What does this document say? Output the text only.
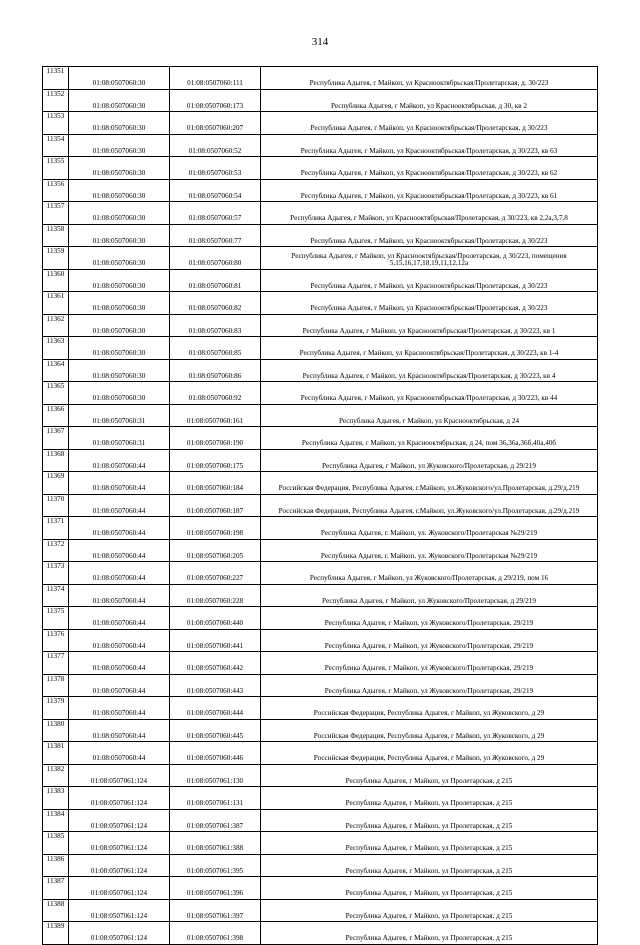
314
11351	01:08:0507060:30	01:08:0507060:111	Республика Адыгея, г Майкоп, ул Краснооктябрьская/Пролетарская, д. 30/223
11352	01:08:0507060:30	01:08:0507060:173	Республика Адыгея, г Майкоп, ул Краснооктябрьская, д 30, кв 2
11353	01:08:0507060:30	01:08:0507060:207	Республика Адыгея, г Майкоп, ул Краснооктябрьская/Пролетарская, д 30/223
11354	01:08:0507060:30	01:08:0507060:52	Республика Адыгея, г Майкоп, ул Краснооктябрьская/Пролетарская, д 30/223, кв 63
11355	01:08:0507060:30	01:08:0507060:53	Республика Адыгея, г Майкоп, ул Краснооктябрьская/Пролетарская, д 30/223, кв 62
11356	01:08:0507060:30	01:08:0507060:54	Республика Адыгея, г Майкоп, ул Краснооктябрьская/Пролетарская, д 30/223, кв 61
11357	01:08:0507060:30	01:08:0507060:57	Республика Адыгея, г Майкоп, ул Краснооктябрьская/Пролетарская, д 30/223, кв 2,2а,3,7,8
11358	01:08:0507060:30	01:08:0507060:77	Республика Адыгея, г Майкоп, ул Краснооктябрьская/Пролетарская, д 30/223
11359	01:08:0507060:30	01:08:0507060:80	Республика Адыгея, г Майкоп, ул Краснооктябрьская/Пролетарская, д 30/223, помещения 5,15,16,17,18,19,11,12,12а
11360	01:08:0507060:30	01:08:0507060:81	Республика Адыгея, г Майкоп, ул Краснооктябрьская/Пролетарская, д 30/223
11361	01:08:0507060:30	01:08:0507060:82	Республика Адыгея, г Майкоп, ул Краснооктябрьская/Пролетарская, д 30/223
11362	01:08:0507060:30	01:08:0507060:83	Республика Адыгея, г Майкоп, ул Краснооктябрьская/Пролетарская, д 30/223, кв 1
11363	01:08:0507060:30	01:08:0507060:85	Республика Адыгея, г Майкоп, ул Краснооктябрьская/Пролетарская, д 30/223, кв 1-4
11364	01:08:0507060:30	01:08:0507060:86	Республика Адыгея, г Майкоп, ул Краснооктябрьская/Пролетарская, д 30/223, кв 4
11365	01:08:0507060:30	01:08:0507060:92	Республика Адыгея, г Майкоп, ул Краснооктябрьская/Пролетарская, д 30/223, кв 44
11366	01:08:0507060:31	01:08:0507060:161	Республика Адыгея, г Майкоп, ул Краснооктябрьская, д 24
11367	01:08:0507060:31	01:08:0507060:190	Республика Адыгея, г Майкоп, ул Краснооктябрьская, д 24, пом 36,36а,36б,40а,40б
11368	01:08:0507060:44	01:08:0507060:175	Республика Адыгея, г Майкоп, ул Жуковского/Пролетарская, д 29/219
11369	01:08:0507060:44	01:08:0507060:184	Российская Федерация, Республика Адыгея, г.Майкоп, ул.Жуковского/ул.Пролетарская, д.29/д.219
11370	01:08:0507060:44	01:08:0507060:187	Российская Федерация, Республика Адыгея, г.Майкоп, ул.Жуковского/ул.Пролетарская, д.29/д.219
11371	01:08:0507060:44	01:08:0507060:198	Республика Адыгея, г. Майкоп, ул. Жуковского/Пролетарская №29/219
11372	01:08:0507060:44	01:08:0507060:205	Республика Адыгея, г. Майкоп, ул. Жуковского/Пролетарская №29/219
11373	01:08:0507060:44	01:08:0507060:227	Республика Адыгея, г Майкоп, ул Жуковского/Пролетарская, д 29/219, пом 16
11374	01:08:0507060:44	01:08:0507060:228	Республика Адыгея, г Майкоп, ул Жуковского/Пролетарская, д 29/219
11375	01:08:0507060:44	01:08:0507060:440	Республика Адыгея, г Майкоп, ул Жуковского/Пролетарская, 29/219
11376	01:08:0507060:44	01:08:0507060:441	Республика Адыгея, г Майкоп, ул Жуковского/Пролетарская, 29/219
11377	01:08:0507060:44	01:08:0507060:442	Республика Адыгея, г Майкоп, ул Жуковского/Пролетарская, 29/219
11378	01:08:0507060:44	01:08:0507060:443	Республика Адыгея, г Майкоп, ул Жуковского/Пролетарская, 29/219
11379	01:08:0507060:44	01:08:0507060:444	Российская Федерация, Республика Адыгея, г Майкоп, ул Жуковского, д 29
11380	01:08:0507060:44	01:08:0507060:445	Российская Федерация, Республика Адыгея, г Майкоп, ул Жуковского, д 29
11381	01:08:0507060:44	01:08:0507060:446	Российская Федерация, Республика Адыгея, г Майкоп, ул Жуковского, д 29
11382	01:08:0507061:124	01:08:0507061:130	Республика Адыгея, г Майкоп, ул Пролетарская, д 215
11383	01:08:0507061:124	01:08:0507061:131	Республика Адыгея, г Майкоп, ул Пролетарская, д 215
11384	01:08:0507061:124	01:08:0507061:387	Республика Адыгея, г Майкоп, ул Пролетарская, д 215
11385	01:08:0507061:124	01:08:0507061:388	Республика Адыгея, г Майкоп, ул Пролетарская, д 215
11386	01:08:0507061:124	01:08:0507061:395	Республика Адыгея, г Майкоп, ул Пролетарская, д 215
11387	01:08:0507061:124	01:08:0507061:396	Республика Адыгея, г Майкоп, ул Пролетарская, д 215
11388	01:08:0507061:124	01:08:0507061:397	Республика Адыгея, г Майкоп, ул Пролетарская, д 215
11389	01:08:0507061:124	01:08:0507061:398	Республика Адыгея, г Майкоп, ул Пролетарская, д 215
